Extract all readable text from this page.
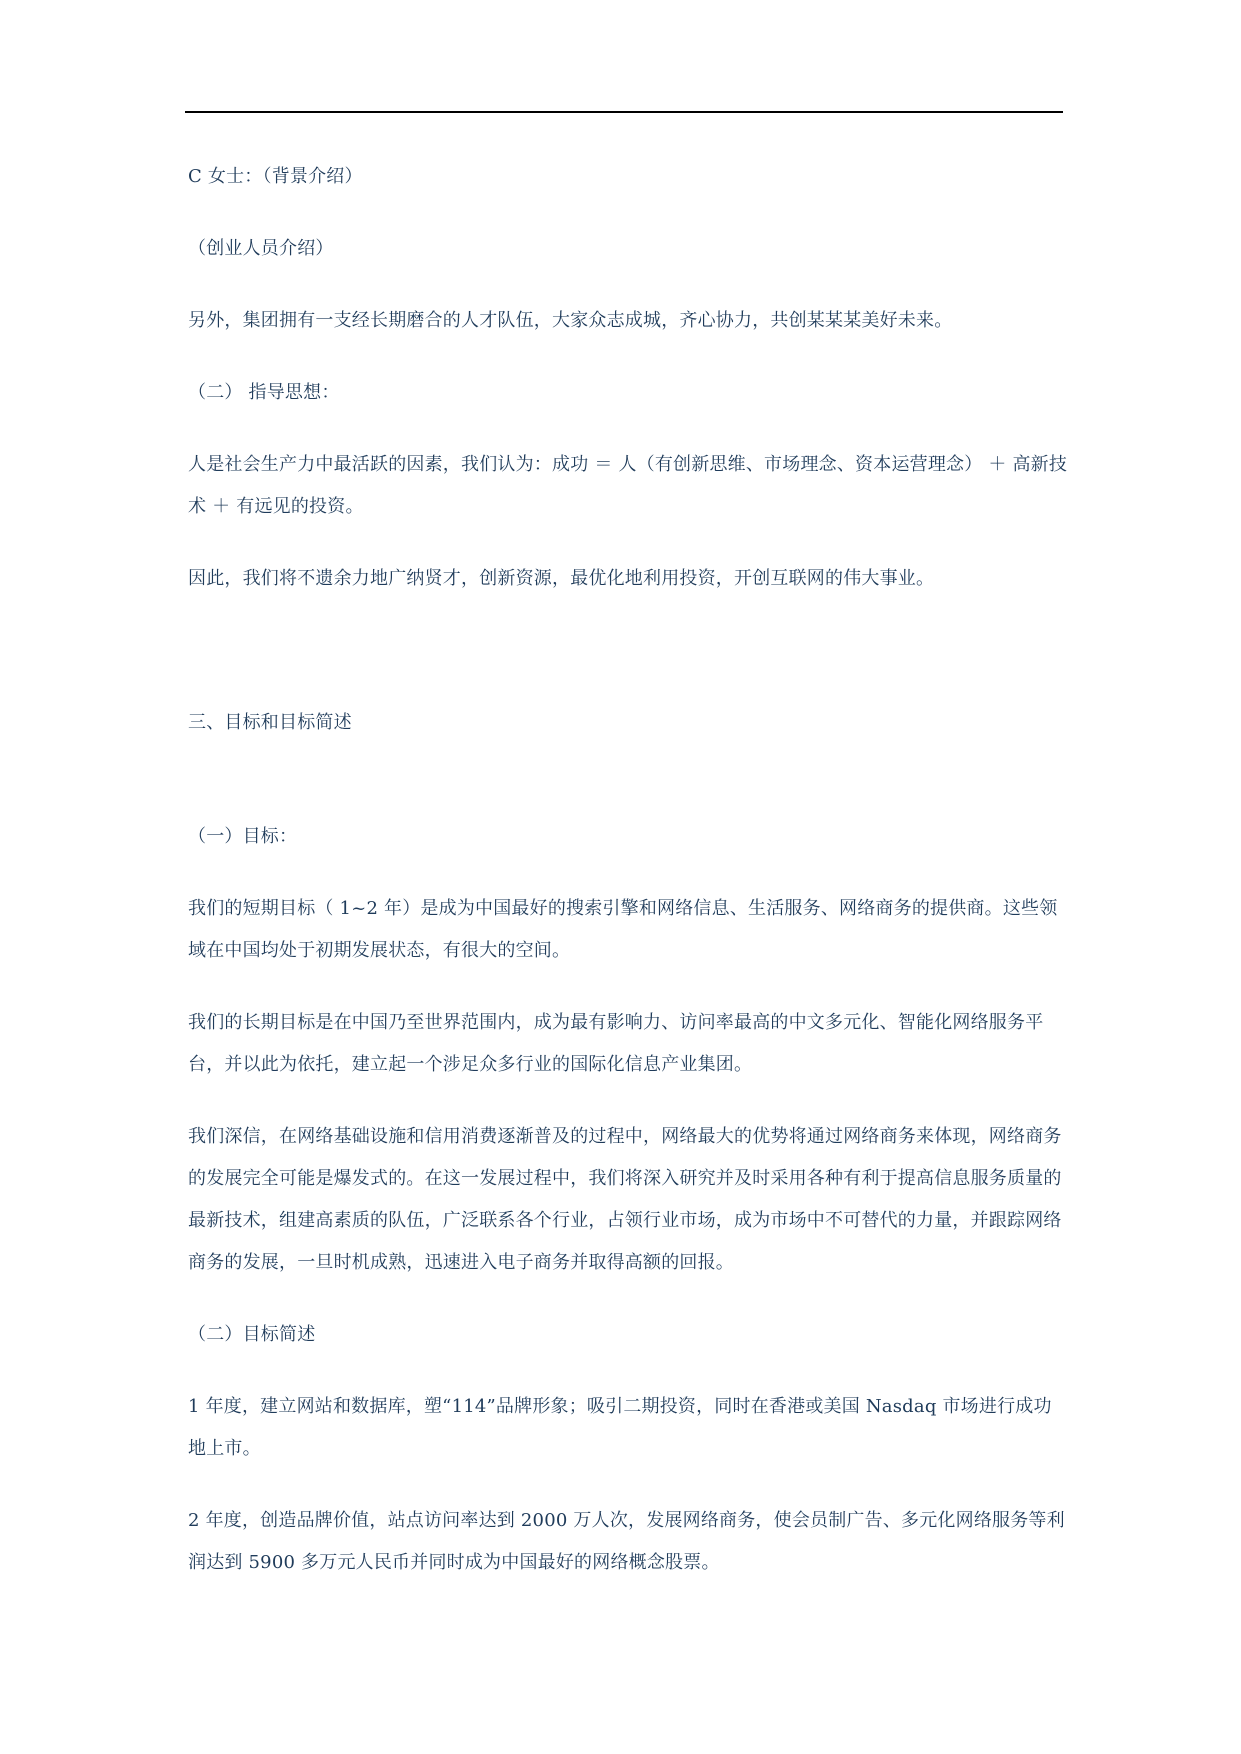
C 女士：（背景介绍）

（创业人员介绍）

另外，集团拥有一支经长期磨合的人才队伍，大家众志成城，齐心协力，共创某某某美好未来。

（二） 指导思想：

人是社会生产力中最活跃的因素，我们认为：成功 ＝ 人（有创新思维、市场理念、资本运营理念） ＋ 高新技术 ＋ 有远见的投资。

因此，我们将不遗余力地广纳贤才，创新资源，最优化地利用投资，开创互联网的伟大事业。

三、目标和目标简述

（一）目标：

我们的短期目标（ 1~2 年）是成为中国最好的搜索引擎和网络信息、生活服务、网络商务的提供商。这些领域在中国均处于初期发展状态，有很大的空间。

我们的长期目标是在中国乃至世界范围内，成为最有影响力、访问率最高的中文多元化、智能化网络服务平台，并以此为依托，建立起一个涉足众多行业的国际化信息产业集团。

我们深信，在网络基础设施和信用消费逐渐普及的过程中，网络最大的优势将通过网络商务来体现，网络商务的发展完全可能是爆发式的。在这一发展过程中，我们将深入研究并及时采用各种有利于提高信息服务质量的最新技术，组建高素质的队伍，广泛联系各个行业，占领行业市场，成为市场中不可替代的力量，并跟踪网络商务的发展，一旦时机成熟，迅速进入电子商务并取得高额的回报。

（二）目标简述

1 年度，建立网站和数据库，塑“114”品牌形象；吸引二期投资，同时在香港或美国 Nasdaq 市场进行成功地上市。

2 年度，创造品牌价值，站点访问率达到 2000 万人次，发展网络商务，使会员制广告、多元化网络服务等利润达到 5900 多万元人民币并同时成为中国最好的网络概念股票。
